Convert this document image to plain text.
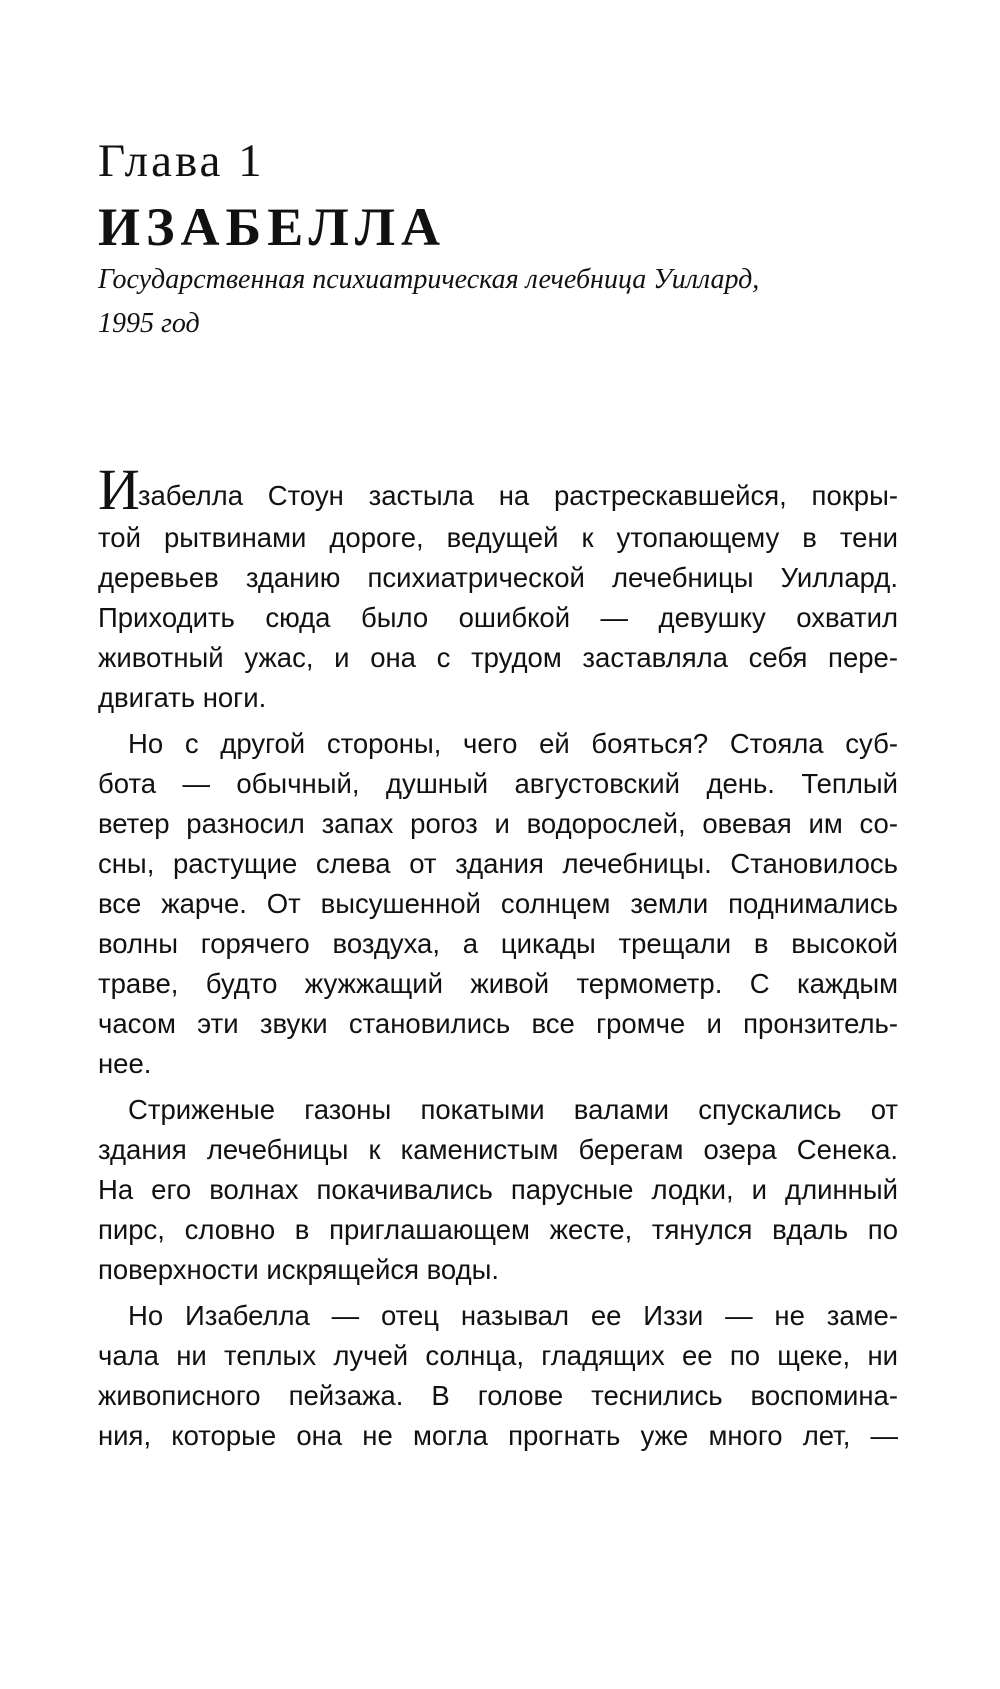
Глава 1
ИЗАБЕЛЛА

Государственная психиатрическая лечебница Уиллард,
1995 год

Изабелла Стоун застыла на растрескавшейся, покры-
той рытвинами дороге, ведущей к утопающему в тени
деревьев зданию психиатрической лечебницы Уиллард.
Приходить сюда было ошибкой — девушку охватил
животный ужас, и она с трудом заставляла себя пере-
двигать ноги.
Но с другой стороны, чего ей бояться? Стояла суб-
бота — обычный, душный августовский день. Теплый
ветер разносил запах рогоз и водорослей, овевая им со-
сны, растущие слева от здания лечебницы. Становилось
все жарче. От высушенной солнцем земли поднимались
волны горячего воздуха, а цикады трещали в высокой
траве, будто жужжащий живой термометр. С каждым
часом эти звуки становились все громче и пронзитель-
нее.
Стриженые газоны покатыми валами спускались от
здания лечебницы к каменистым берегам озера Сенека.
На его волнах покачивались парусные лодки, и длинный
пирс, словно в приглашающем жесте, тянулся вдаль по
поверхности искрящейся воды.
Но Изабелла — отец называл ее Иззи — не заме-
чала ни теплых лучей солнца, гладящих ее по щеке, ни
живописного пейзажа. В голове теснились воспомина-
ния, которые она не могла прогнать уже много лет, —
